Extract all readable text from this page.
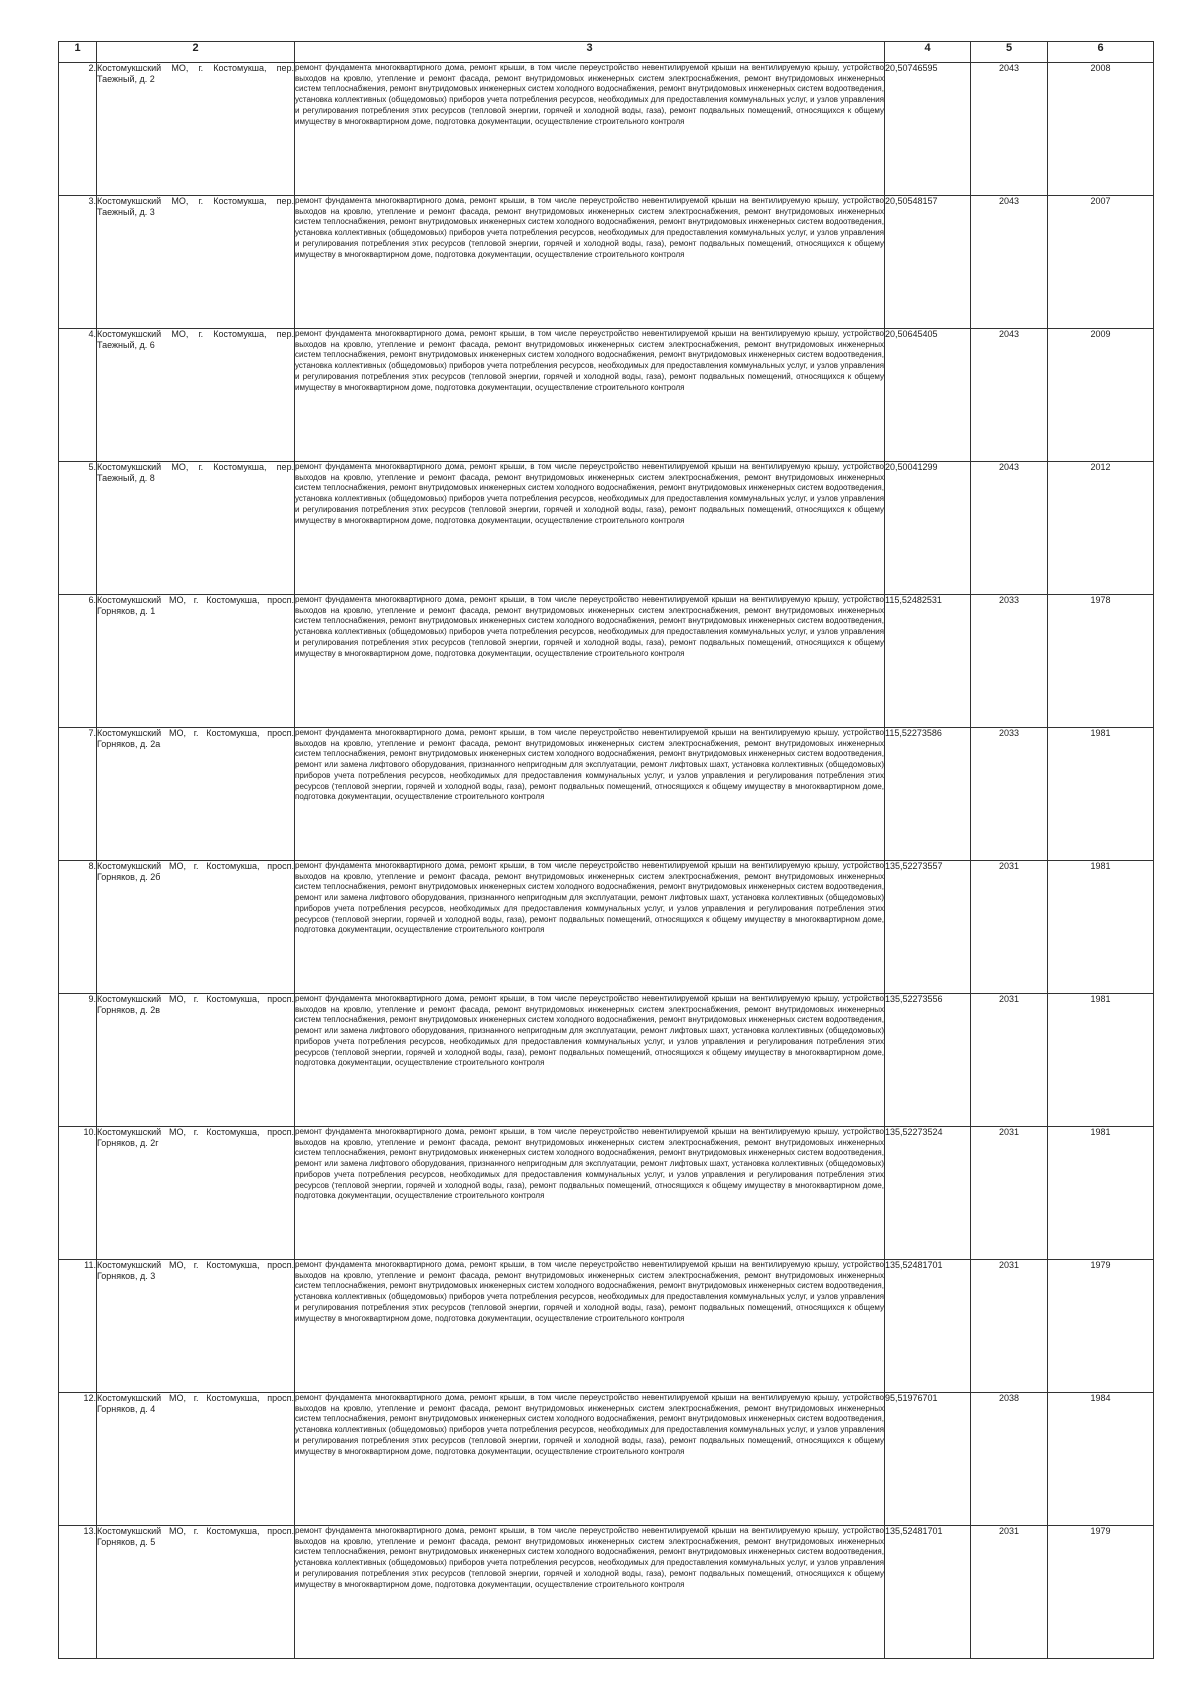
1	2	3	4	5	6
2.	Костомукшский МО, г. Костомукша, пер. Таежный, д. 2	ремонт фундамента многоквартирного дома, ремонт крыши, в том числе переустройство невентилируемой крыши на вентилируемую крышу, устройство выходов на кровлю, утепление и ремонт фасада, ремонт внутридомовых инженерных систем электроснабжения, ремонт внутридомовых инженерных систем теплоснабжения, ремонт внутридомовых инженерных систем холодного водоснабжения, ремонт внутридомовых инженерных систем водоотведения, установка коллективных (общедомовых) приборов учета потребления ресурсов, необходимых для предоставления коммунальных услуг, и узлов управления и регулирования потребления этих ресурсов (тепловой энергии, горячей и холодной воды, газа), ремонт подвальных помещений, относящихся к общему имуществу в многоквартирном доме, подготовка документации, осуществление строительного контроля	20,50746595	2043	2008
3.	Костомукшский МО, г. Костомукша, пер. Таежный, д. 3	ремонт фундамента многоквартирного дома, ремонт крыши, в том числе переустройство невентилируемой крыши на вентилируемую крышу, устройство выходов на кровлю, утепление и ремонт фасада, ремонт внутридомовых инженерных систем электроснабжения, ремонт внутридомовых инженерных систем теплоснабжения, ремонт внутридомовых инженерных систем холодного водоснабжения, ремонт внутридомовых инженерных систем водоотведения, установка коллективных (общедомовых) приборов учета потребления ресурсов, необходимых для предоставления коммунальных услуг, и узлов управления и регулирования потребления этих ресурсов (тепловой энергии, горячей и холодной воды, газа), ремонт подвальных помещений, относящихся к общему имуществу в многоквартирном доме, подготовка документации, осуществление строительного контроля	20,50548157	2043	2007
4.	Костомукшский МО, г. Костомукша, пер. Таежный, д. 6	ремонт фундамента многоквартирного дома, ремонт крыши, в том числе переустройство невентилируемой крыши на вентилируемую крышу, устройство выходов на кровлю, утепление и ремонт фасада, ремонт внутридомовых инженерных систем электроснабжения, ремонт внутридомовых инженерных систем теплоснабжения, ремонт внутридомовых инженерных систем холодного водоснабжения, ремонт внутридомовых инженерных систем водоотведения, установка коллективных (общедомовых) приборов учета потребления ресурсов, необходимых для предоставления коммунальных услуг, и узлов управления и регулирования потребления этих ресурсов (тепловой энергии, горячей и холодной воды, газа), ремонт подвальных помещений, относящихся к общему имуществу в многоквартирном доме, подготовка документации, осуществление строительного контроля	20,50645405	2043	2009
5.	Костомукшский МО, г. Костомукша, пер. Таежный, д. 8	ремонт фундамента многоквартирного дома, ремонт крыши, в том числе переустройство невентилируемой крыши на вентилируемую крышу, устройство выходов на кровлю, утепление и ремонт фасада, ремонт внутридомовых инженерных систем электроснабжения, ремонт внутридомовых инженерных систем теплоснабжения, ремонт внутридомовых инженерных систем холодного водоснабжения, ремонт внутридомовых инженерных систем водоотведения, установка коллективных (общедомовых) приборов учета потребления ресурсов, необходимых для предоставления коммунальных услуг, и узлов управления и регулирования потребления этих ресурсов (тепловой энергии, горячей и холодной воды, газа), ремонт подвальных помещений, относящихся к общему имуществу в многоквартирном доме, подготовка документации, осуществление строительного контроля	20,50041299	2043	2012
6.	Костомукшский МО, г. Костомукша, просп. Горняков, д. 1	ремонт фундамента многоквартирного дома, ремонт крыши, в том числе переустройство невентилируемой крыши на вентилируемую крышу, устройство выходов на кровлю, утепление и ремонт фасада, ремонт внутридомовых инженерных систем электроснабжения, ремонт внутридомовых инженерных систем теплоснабжения, ремонт внутридомовых инженерных систем холодного водоснабжения, ремонт внутридомовых инженерных систем водоотведения, установка коллективных (общедомовых) приборов учета потребления ресурсов, необходимых для предоставления коммунальных услуг, и узлов управления и регулирования потребления этих ресурсов (тепловой энергии, горячей и холодной воды, газа), ремонт подвальных помещений, относящихся к общему имуществу в многоквартирном доме, подготовка документации, осуществление строительного контроля	115,52482531	2033	1978
7.	Костомукшский МО, г. Костомукша, просп. Горняков, д. 2а	ремонт фундамента многоквартирного дома, ремонт крыши, в том числе переустройство невентилируемой крыши на вентилируемую крышу, устройство выходов на кровлю, утепление и ремонт фасада, ремонт внутридомовых инженерных систем электроснабжения, ремонт внутридомовых инженерных систем теплоснабжения, ремонт внутридомовых инженерных систем холодного водоснабжения, ремонт внутридомовых инженерных систем водоотведения, ремонт или замена лифтового оборудования, признанного непригодным для эксплуатации, ремонт лифтовых шахт, установка коллективных (общедомовых) приборов учета потребления ресурсов, необходимых для предоставления коммунальных услуг, и узлов управления и регулирования потребления этих ресурсов (тепловой энергии, горячей и холодной воды, газа), ремонт подвальных помещений, относящихся к общему имуществу в многоквартирном доме, подготовка документации, осуществление строительного контроля	115,52273586	2033	1981
8.	Костомукшский МО, г. Костомукша, просп. Горняков, д. 2б	ремонт фундамента многоквартирного дома, ремонт крыши, в том числе переустройство невентилируемой крыши на вентилируемую крышу, устройство выходов на кровлю, утепление и ремонт фасада, ремонт внутридомовых инженерных систем электроснабжения, ремонт внутридомовых инженерных систем теплоснабжения, ремонт внутридомовых инженерных систем холодного водоснабжения, ремонт внутридомовых инженерных систем водоотведения, ремонт или замена лифтового оборудования, признанного непригодным для эксплуатации, ремонт лифтовых шахт, установка коллективных (общедомовых) приборов учета потребления ресурсов, необходимых для предоставления коммунальных услуг, и узлов управления и регулирования потребления этих ресурсов (тепловой энергии, горячей и холодной воды, газа), ремонт подвальных помещений, относящихся к общему имуществу в многоквартирном доме, подготовка документации, осуществление строительного контроля	135,52273557	2031	1981
9.	Костомукшский МО, г. Костомукша, просп. Горняков, д. 2в	ремонт фундамента многоквартирного дома, ремонт крыши, в том числе переустройство невентилируемой крыши на вентилируемую крышу, устройство выходов на кровлю, утепление и ремонт фасада, ремонт внутридомовых инженерных систем электроснабжения, ремонт внутридомовых инженерных систем теплоснабжения, ремонт внутридомовых инженерных систем холодного водоснабжения, ремонт внутридомовых инженерных систем водоотведения, ремонт или замена лифтового оборудования, признанного непригодным для эксплуатации, ремонт лифтовых шахт, установка коллективных (общедомовых) приборов учета потребления ресурсов, необходимых для предоставления коммунальных услуг, и узлов управления и регулирования потребления этих ресурсов (тепловой энергии, горячей и холодной воды, газа), ремонт подвальных помещений, относящихся к общему имуществу в многоквартирном доме, подготовка документации, осуществление строительного контроля	135,52273556	2031	1981
10.	Костомукшский МО, г. Костомукша, просп. Горняков, д. 2г	ремонт фундамента многоквартирного дома, ремонт крыши, в том числе переустройство невентилируемой крыши на вентилируемую крышу, устройство выходов на кровлю, утепление и ремонт фасада, ремонт внутридомовых инженерных систем электроснабжения, ремонт внутридомовых инженерных систем теплоснабжения, ремонт внутридомовых инженерных систем холодного водоснабжения, ремонт внутридомовых инженерных систем водоотведения, ремонт или замена лифтового оборудования, признанного непригодным для эксплуатации, ремонт лифтовых шахт, установка коллективных (общедомовых) приборов учета потребления ресурсов, необходимых для предоставления коммунальных услуг, и узлов управления и регулирования потребления этих ресурсов (тепловой энергии, горячей и холодной воды, газа), ремонт подвальных помещений, относящихся к общему имуществу в многоквартирном доме, подготовка документации, осуществление строительного контроля	135,52273524	2031	1981
11.	Костомукшский МО, г. Костомукша, просп. Горняков, д. 3	ремонт фундамента многоквартирного дома, ремонт крыши, в том числе переустройство невентилируемой крыши на вентилируемую крышу, устройство выходов на кровлю, утепление и ремонт фасада, ремонт внутридомовых инженерных систем электроснабжения, ремонт внутридомовых инженерных систем теплоснабжения, ремонт внутридомовых инженерных систем холодного водоснабжения, ремонт внутридомовых инженерных систем водоотведения, установка коллективных (общедомовых) приборов учета потребления ресурсов, необходимых для предоставления коммунальных услуг, и узлов управления и регулирования потребления этих ресурсов (тепловой энергии, горячей и холодной воды, газа), ремонт подвальных помещений, относящихся к общему имуществу в многоквартирном доме, подготовка документации, осуществление строительного контроля	135,52481701	2031	1979
12.	Костомукшский МО, г. Костомукша, просп. Горняков, д. 4	ремонт фундамента многоквартирного дома, ремонт крыши, в том числе переустройство невентилируемой крыши на вентилируемую крышу, устройство выходов на кровлю, утепление и ремонт фасада, ремонт внутридомовых инженерных систем электроснабжения, ремонт внутридомовых инженерных систем теплоснабжения, ремонт внутридомовых инженерных систем холодного водоснабжения, ремонт внутридомовых инженерных систем водоотведения, установка коллективных (общедомовых) приборов учета потребления ресурсов, необходимых для предоставления коммунальных услуг, и узлов управления и регулирования потребления этих ресурсов (тепловой энергии, горячей и холодной воды, газа), ремонт подвальных помещений, относящихся к общему имуществу в многоквартирном доме, подготовка документации, осуществление строительного контроля	95,51976701	2038	1984
13.	Костомукшский МО, г. Костомукша, просп. Горняков, д. 5	ремонт фундамента многоквартирного дома, ремонт крыши, в том числе переустройство невентилируемой крыши на вентилируемую крышу, устройство выходов на кровлю, утепление и ремонт фасада, ремонт внутридомовых инженерных систем электроснабжения, ремонт внутридомовых инженерных систем теплоснабжения, ремонт внутридомовых инженерных систем холодного водоснабжения, ремонт внутридомовых инженерных систем водоотведения, установка коллективных (общедомовых) приборов учета потребления ресурсов, необходимых для предоставления коммунальных услуг, и узлов управления и регулирования потребления этих ресурсов (тепловой энергии, горячей и холодной воды, газа), ремонт подвальных помещений, относящихся к общему имуществу в многоквартирном доме, подготовка документации, осуществление строительного контроля	135,52481701	2031	1979
